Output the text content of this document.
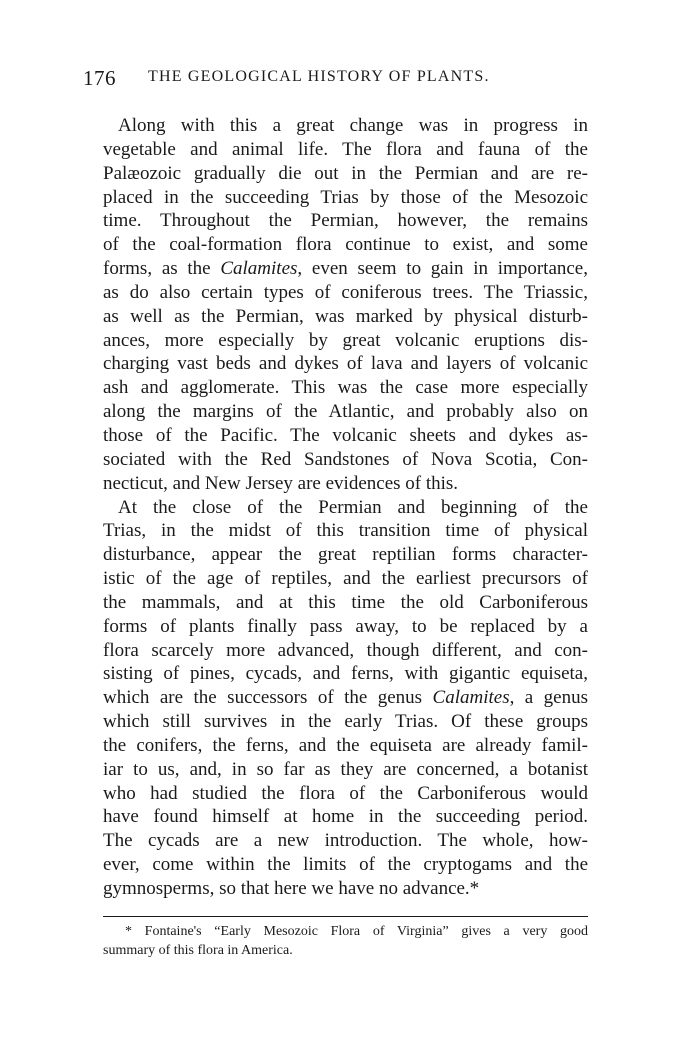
176 THE GEOLOGICAL HISTORY OF PLANTS.
Along with this a great change was in progress in
vegetable and animal life. The flora and fauna of the
Palæozoic gradually die out in the Permian and are re-
placed in the succeeding Trias by those of the Mesozoic
time. Throughout the Permian, however, the remains
of the coal-formation flora continue to exist, and some
forms, as the Calamites, even seem to gain in importance,
as do also certain types of coniferous trees. The Triassic,
as well as the Permian, was marked by physical disturb-
ances, more especially by great volcanic eruptions dis-
charging vast beds and dykes of lava and layers of volcanic
ash and agglomerate. This was the case more especially
along the margins of the Atlantic, and probably also on
those of the Pacific. The volcanic sheets and dykes as-
sociated with the Red Sandstones of Nova Scotia, Con-
necticut, and New Jersey are evidences of this.
At the close of the Permian and beginning of the
Trias, in the midst of this transition time of physical
disturbance, appear the great reptilian forms character-
istic of the age of reptiles, and the earliest precursors of
the mammals, and at this time the old Carboniferous
forms of plants finally pass away, to be replaced by a
flora scarcely more advanced, though different, and con-
sisting of pines, cycads, and ferns, with gigantic equiseta,
which are the successors of the genus Calamites, a genus
which still survives in the early Trias. Of these groups
the conifers, the ferns, and the equiseta are already famil-
iar to us, and, in so far as they are concerned, a botanist
who had studied the flora of the Carboniferous would
have found himself at home in the succeeding period.
The cycads are a new introduction. The whole, how-
ever, come within the limits of the cryptogams and the
gymnosperms, so that here we have no advance.*
* Fontaine's “Early Mesozoic Flora of Virginia” gives a very good
summary of this flora in America.
